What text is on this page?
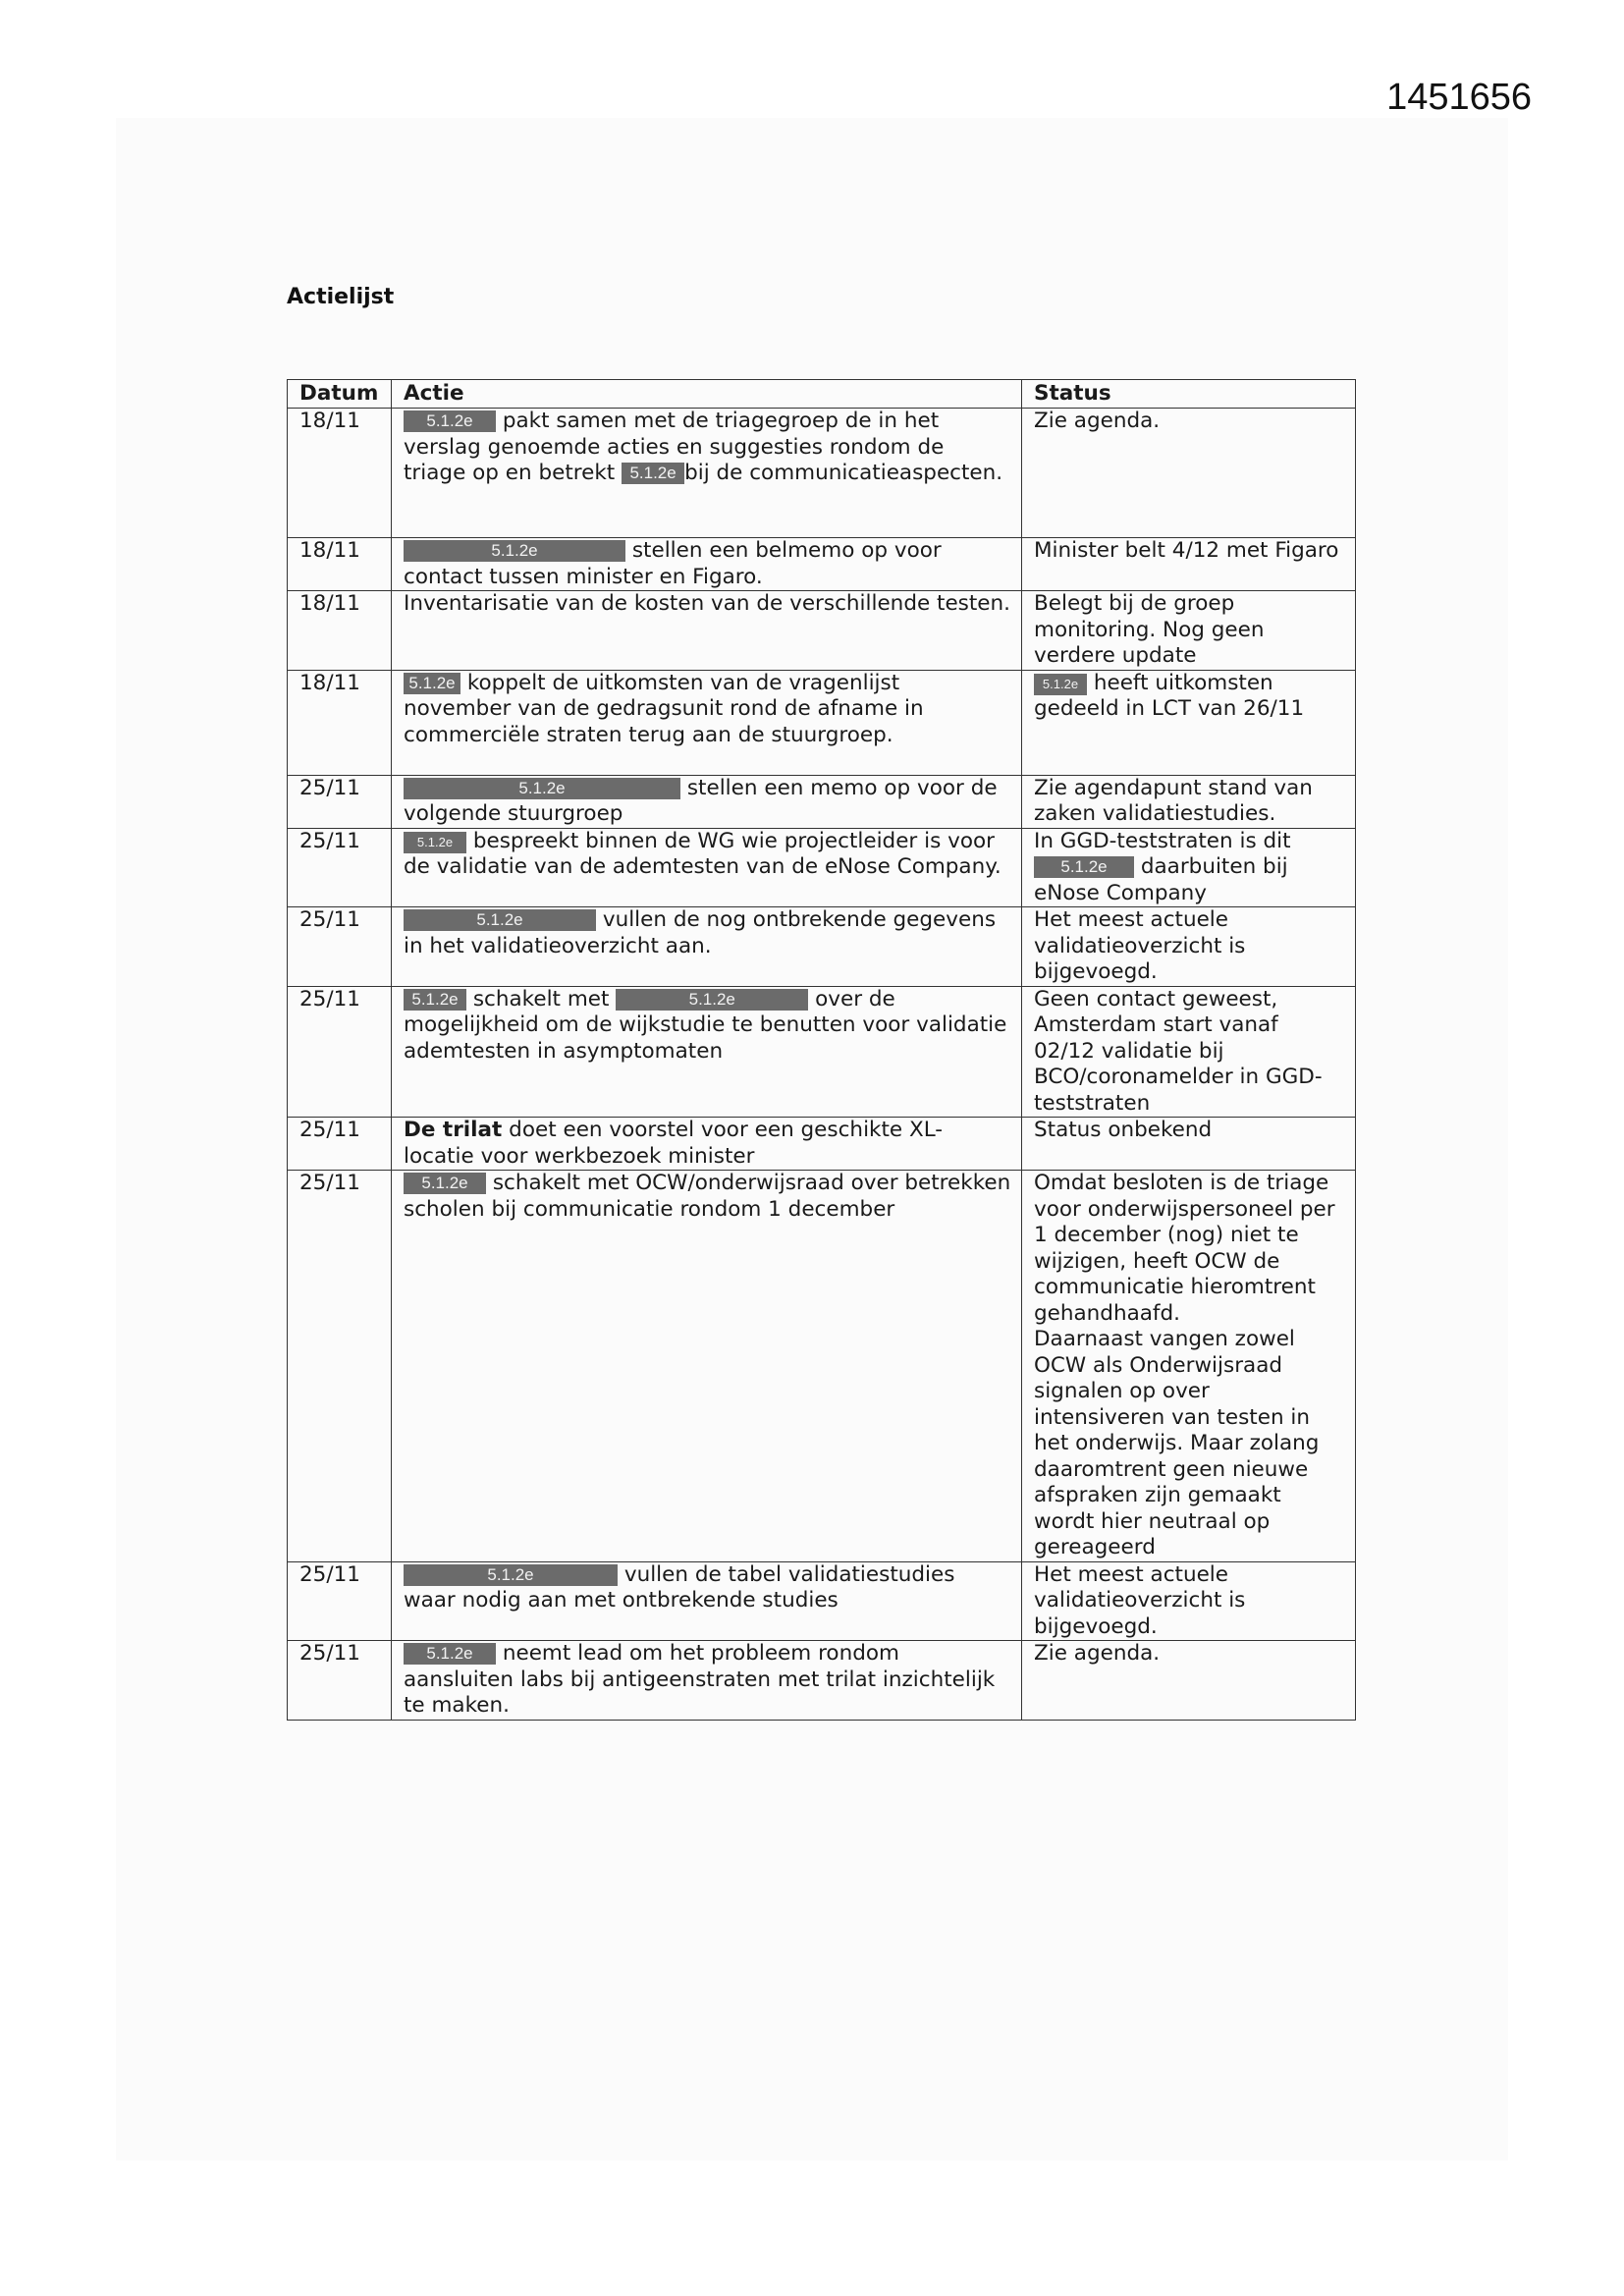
1451656
Actielijst
Datum	Actie	Status
18/11	5.1.2e pakt samen met de triagegroep de in het verslag genoemde acties en suggesties rondom de triage op en betrekt 5.1.2e bij de communicatieaspecten.	Zie agenda.
18/11	5.1.2e stellen een belmemo op voor contact tussen minister en Figaro.	Minister belt 4/12 met Figaro
18/11	Inventarisatie van de kosten van de verschillende testen.	Belegt bij de groep monitoring. Nog geen verdere update
18/11	5.1.2e koppelt de uitkomsten van de vragenlijst november van de gedragsunit rond de afname in commerciële straten terug aan de stuurgroep.	5.1.2e heeft uitkomsten gedeeld in LCT van 26/11
25/11	5.1.2e stellen een memo op voor de volgende stuurgroep	Zie agendapunt stand van zaken validatiestudies.
25/11	5.1.2e bespreekt binnen de WG wie projectleider is voor de validatie van de ademtesten van de eNose Company.	In GGD-teststraten is dit 5.1.2e daarbuiten bij eNose Company
25/11	5.1.2e vullen de nog ontbrekende gegevens in het validatieoverzicht aan.	Het meest actuele validatieoverzicht is bijgevoegd.
25/11	5.1.2e schakelt met 5.1.2e over de mogelijkheid om de wijkstudie te benutten voor validatie ademtesten in asymptomaten	Geen contact geweest, Amsterdam start vanaf 02/12 validatie bij BCO/coronamelder in GGD-teststraten
25/11	De trilat doet een voorstel voor een geschikte XL-locatie voor werkbezoek minister	Status onbekend
25/11	5.1.2e schakelt met OCW/onderwijsraad over betrekken scholen bij communicatie rondom 1 december	Omdat besloten is de triage voor onderwijspersoneel per 1 december (nog) niet te wijzigen, heeft OCW de communicatie hieromtrent gehandhaafd.
Daarnaast vangen zowel OCW als Onderwijsraad signalen op over intensiveren van testen in het onderwijs. Maar zolang daaromtrent geen nieuwe afspraken zijn gemaakt wordt hier neutraal op gereageerd

25/11	5.1.2e vullen de tabel validatiestudies waar nodig aan met ontbrekende studies	Het meest actuele validatieoverzicht is bijgevoegd.
25/11	5.1.2e neemt lead om het probleem rondom aansluiten labs bij antigeenstraten met trilat inzichtelijk te maken.	Zie agenda.
